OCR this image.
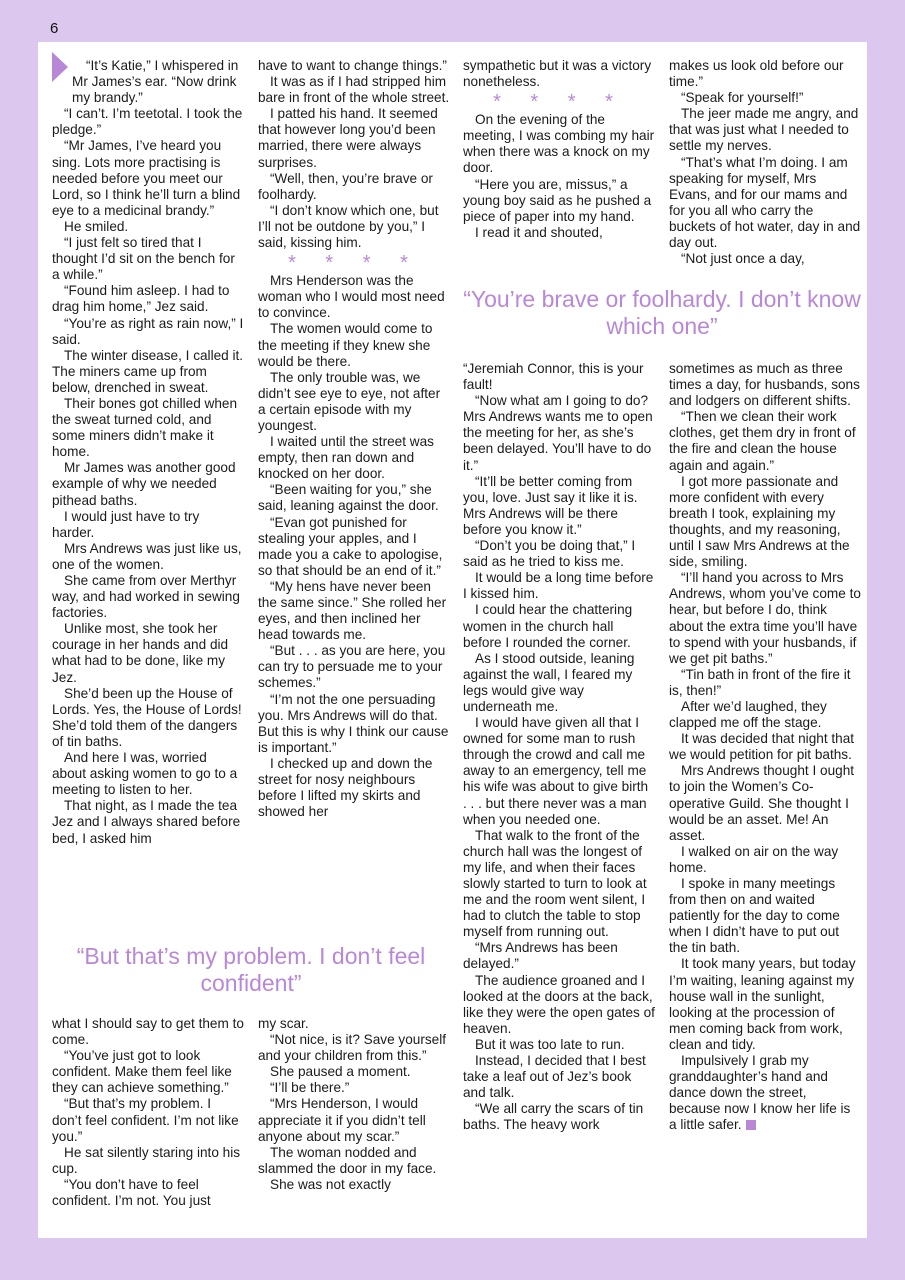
6

“It’s Katie,” I whispered in Mr James’s ear. “Now drink my brandy.”

“I can’t. I’m teetotal. I took the pledge.”

“Mr James, I’ve heard you sing. Lots more practising is needed before you meet our Lord, so I think he’ll turn a blind eye to a medicinal brandy.”

He smiled.

“I just felt so tired that I thought I’d sit on the bench for a while.”

“Found him asleep. I had to drag him home,” Jez said.

“You’re as right as rain now,” I said.

The winter disease, I called it. The miners came up from below, drenched in sweat.

Their bones got chilled when the sweat turned cold, and some miners didn’t make it home.

Mr James was another good example of why we needed pithead baths.

I would just have to try harder.

Mrs Andrews was just like us, one of the women.

She came from over Merthyr way, and had worked in sewing factories.

Unlike most, she took her courage in her hands and did what had to be done, like my Jez.

She’d been up the House of Lords. Yes, the House of Lords! She’d told them of the dangers of tin baths.

And here I was, worried about asking women to go to a meeting to listen to her.

That night, as I made the tea Jez and I always shared before bed, I asked him

have to want to change things.”

It was as if I had stripped him bare in front of the whole street.

I patted his hand. It seemed that however long you’d been married, there were always surprises.

“Well, then, you’re brave or foolhardy.

“I don’t know which one, but I’ll not be outdone by you,” I said, kissing him.

* * * *

Mrs Henderson was the woman who I would most need to convince.

The women would come to the meeting if they knew she would be there.

The only trouble was, we didn’t see eye to eye, not after a certain episode with my youngest.

I waited until the street was empty, then ran down and knocked on her door.

“Been waiting for you,” she said, leaning against the door.

“Evan got punished for stealing your apples, and I made you a cake to apologise, so that should be an end of it.”

“My hens have never been the same since.” She rolled her eyes, and then inclined her head towards me.

“But . . . as you are here, you can try to persuade me to your schemes.”

“I’m not the one persuading you. Mrs Andrews will do that. But this is why I think our cause is important.”

I checked up and down the street for nosy neighbours before I lifted my skirts and showed her

sympathetic but it was a victory nonetheless.

* * * *

On the evening of the meeting, I was combing my hair when there was a knock on my door.

“Here you are, missus,” a young boy said as he pushed a piece of paper into my hand.

I read it and shouted,

makes us look old before our time.”

“Speak for yourself!”

The jeer made me angry, and that was just what I needed to settle my nerves.

“That’s what I’m doing. I am speaking for myself, Mrs Evans, and for our mams and for you all who carry the buckets of hot water, day in and day out.

“Not just once a day,

“You’re brave or foolhardy. I don’t know which one”
“But that’s my problem. I don’t feel confident”

“Jeremiah Connor, this is your fault!

“Now what am I going to do? Mrs Andrews wants me to open the meeting for her, as she’s been delayed. You’ll have to do it.”

“It’ll be better coming from you, love. Just say it like it is. Mrs Andrews will be there before you know it.”

“Don’t you be doing that,” I said as he tried to kiss me.

It would be a long time before I kissed him.

I could hear the chattering women in the church hall before I rounded the corner.

As I stood outside, leaning against the wall, I feared my legs would give way underneath me.

I would have given all that I owned for some man to rush through the crowd and call me away to an emergency, tell me his wife was about to give birth . . . but there never was a man when you needed one.

That walk to the front of the church hall was the longest of my life, and when their faces slowly started to turn to look at me and the room went silent, I had to clutch the table to stop myself from running out.

“Mrs Andrews has been delayed.”

The audience groaned and I looked at the doors at the back, like they were the open gates of heaven.

But it was too late to run.

Instead, I decided that I best take a leaf out of Jez’s book and talk.

“We all carry the scars of tin baths. The heavy work

sometimes as much as three times a day, for husbands, sons and lodgers on different shifts.

“Then we clean their work clothes, get them dry in front of the fire and clean the house again and again.”

I got more passionate and more confident with every breath I took, explaining my thoughts, and my reasoning, until I saw Mrs Andrews at the side, smiling.

“I’ll hand you across to Mrs Andrews, whom you’ve come to hear, but before I do, think about the extra time you’ll have to spend with your husbands, if we get pit baths.”

“Tin bath in front of the fire it is, then!”

After we’d laughed, they clapped me off the stage.

It was decided that night that we would petition for pit baths.

Mrs Andrews thought I ought to join the Women’s Co-operative Guild. She thought I would be an asset. Me! An asset.

I walked on air on the way home.

I spoke in many meetings from then on and waited patiently for the day to come when I didn’t have to put out the tin bath.

It took many years, but today I’m waiting, leaning against my house wall in the sunlight, looking at the procession of men coming back from work, clean and tidy.

Impulsively I grab my granddaughter’s hand and dance down the street, because now I know her life is a little safer.

what I should say to get them to come.

“You’ve just got to look confident. Make them feel like they can achieve something.”

“But that’s my problem. I don’t feel confident. I’m not like you.”

He sat silently staring into his cup.

“You don’t have to feel confident. I’m not. You just

my scar.

“Not nice, is it? Save yourself and your children from this.”

She paused a moment.

“I’ll be there.”

“Mrs Henderson, I would appreciate it if you didn’t tell anyone about my scar.”

The woman nodded and slammed the door in my face.

She was not exactly
